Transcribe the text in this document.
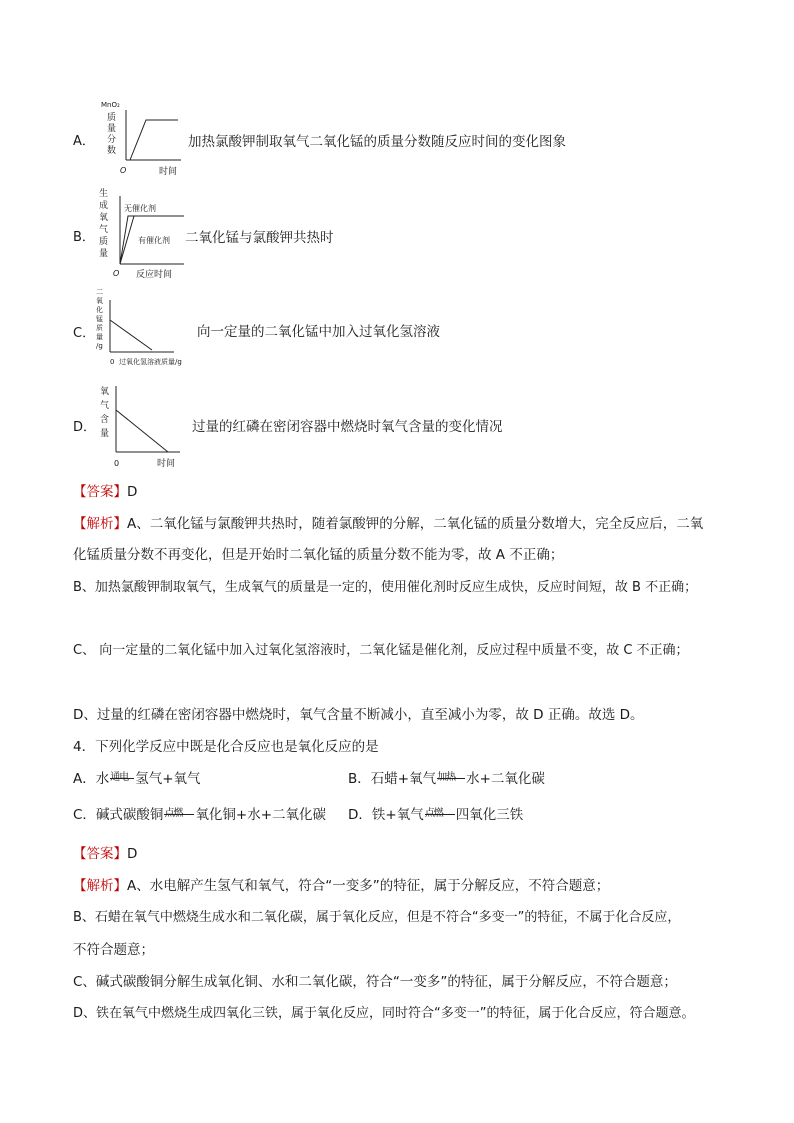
A．
MnO₂
质
量
分
数
O	时间
加热氯酸钾制取氧气二氧化锰的质量分数随反应时间的变化图象
B．
生
成
氧
气
质
量
无催化剂
有催化剂
O 反应时间
二氧化锰与氯酸钾共热时
C．
二
氧
化
锰
质
量
/g
0 过氧化氢溶液质量/g
向一定量的二氧化锰中加入过氧化氢溶液
D．
氧
气
含
量
0	时间
过量的红磷在密闭容器中燃烧时氧气含量的变化情况
【答案】D
【解析】A、二氧化锰与氯酸钾共热时，随着氯酸钾的分解，二氧化锰的质量分数增大，完全反应后，二氧
化锰质量分数不再变化，但是开始时二氧化锰的质量分数不能为零，故 A 不正确；
B、加热氯酸钾制取氧气，生成氧气的质量是一定的，使用催化剂时反应生成快，反应时间短，故 B 不正确；
C、 向一定量的二氧化锰中加入过氧化氢溶液时，二氧化锰是催化剂，反应过程中质量不变，故 C 不正确；
D、过量的红磷在密闭容器中燃烧时，氧气含量不断减小，直至减小为零，故 D 正确。故选 D。
4．下列化学反应中既是化合反应也是氧化反应的是
A．水 通电 氢气+氧气	B．石蜡+氧气 加热 水+二氧化碳
C．碱式碳酸铜 点燃 氧化铜+水+二氧化碳 D．铁+氧气 点燃 四氧化三铁
【答案】D
【解析】A、水电解产生氢气和氧气，符合“一变多”的特征，属于分解反应，不符合题意；
B、石蜡在氧气中燃烧生成水和二氧化碳，属于氧化反应，但是不符合“多变一”的特征，不属于化合反应，
不符合题意；
C、碱式碳酸铜分解生成氧化铜、水和二氧化碳，符合“一变多”的特征，属于分解反应，不符合题意；
D、铁在氧气中燃烧生成四氧化三铁，属于氧化反应，同时符合“多变一”的特征，属于化合反应，符合题意。
